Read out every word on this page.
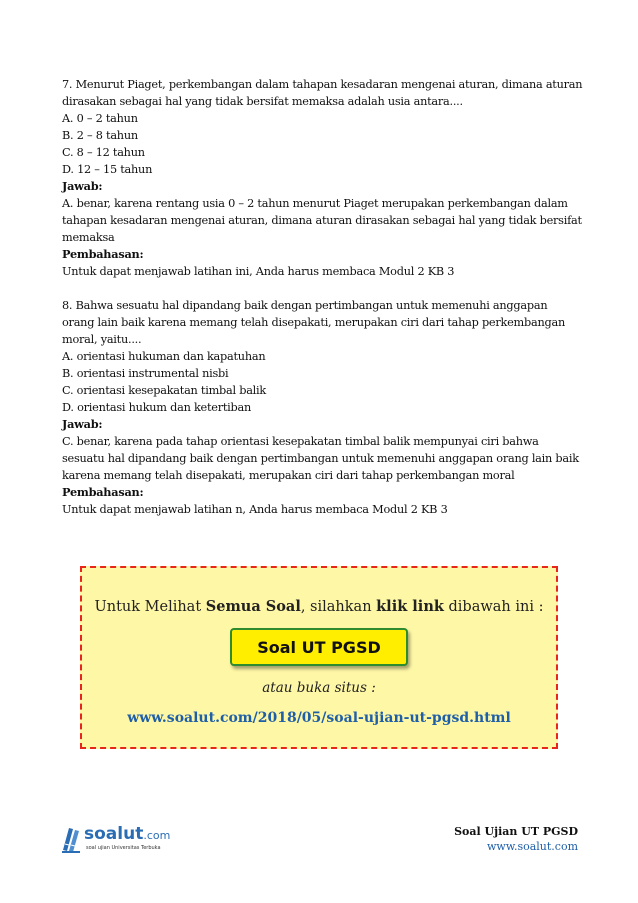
7. Menurut Piaget, perkembangan dalam tahapan kesadaran mengenai aturan, dimana aturan
dirasakan sebagai hal yang tidak bersifat memaksa adalah usia antara....
A. 0 – 2 tahun
B. 2 – 8 tahun
C. 8 – 12 tahun
D. 12 – 15 tahun
Jawab:
A. benar, karena rentang usia 0 – 2 tahun menurut Piaget merupakan perkembangan dalam
tahapan kesadaran mengenai aturan, dimana aturan dirasakan sebagai hal yang tidak bersifat
memaksa
Pembahasan:
Untuk dapat menjawab latihan ini, Anda harus membaca Modul 2 KB 3
8. Bahwa sesuatu hal dipandang baik dengan pertimbangan untuk memenuhi anggapan
orang lain baik karena memang telah disepakati, merupakan ciri dari tahap perkembangan
moral, yaitu....
A. orientasi hukuman dan kapatuhan
B. orientasi instrumental nisbi
C. orientasi kesepakatan timbal balik
D. orientasi hukum dan ketertiban
Jawab:
C. benar, karena pada tahap orientasi kesepakatan timbal balik mempunyai ciri bahwa
sesuatu hal dipandang baik dengan pertimbangan untuk memenuhi anggapan orang lain baik
karena memang telah disepakati, merupakan ciri dari tahap perkembangan moral
Pembahasan:
Untuk dapat menjawab latihan n, Anda harus membaca Modul 2 KB 3
Untuk Melihat Semua Soal, silahkan klik link dibawah ini :
Soal UT PGSD
atau buka situs :
www.soalut.com/2018/05/soal-ujian-ut-pgsd.html
soalut.com
soal ujian Universitas Terbuka
Soal Ujian UT PGSD
www.soalut.com
